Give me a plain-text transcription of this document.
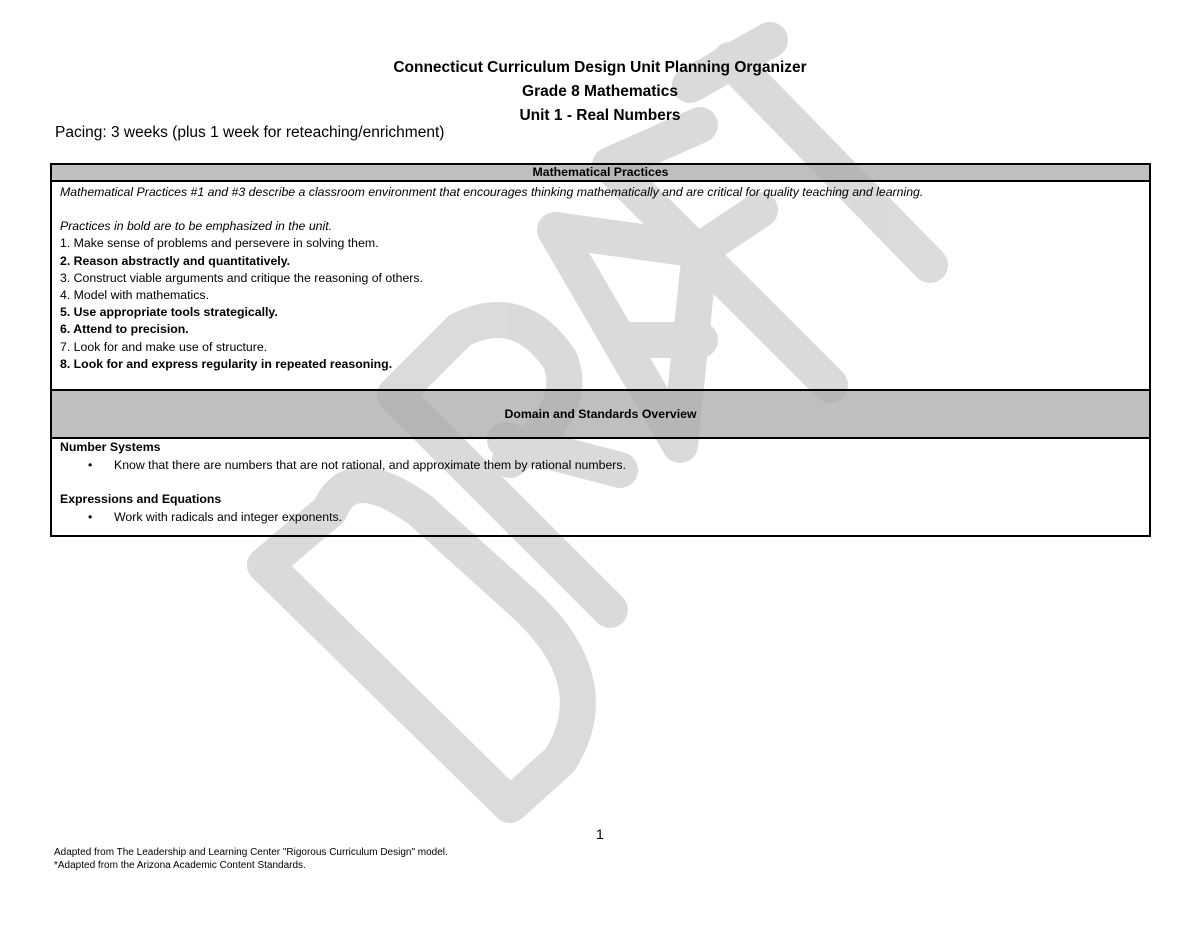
Connecticut Curriculum Design Unit Planning Organizer
Grade 8 Mathematics
Unit 1 - Real Numbers
Pacing: 3 weeks (plus 1 week for reteaching/enrichment)
Mathematical Practices

Mathematical Practices #1 and #3 describe a classroom environment that encourages thinking mathematically and are critical for quality teaching and learning.
Practices in bold are to be emphasized in the unit.
1. Make sense of problems and persevere in solving them.
2. Reason abstractly and quantitatively.
3. Construct viable arguments and critique the reasoning of others.
4. Model with mathematics.
5. Use appropriate tools strategically.
6. Attend to precision.
7. Look for and make use of structure.
8. Look for and express regularity in repeated reasoning.

Domain and Standards Overview

Number Systems
•	Know that there are numbers that are not rational, and approximate them by rational numbers.
Expressions and Equations
•	Work with radicals and integer exponents.
1
Adapted from The Leadership and Learning Center "Rigorous Curriculum Design" model.
*Adapted from the Arizona Academic Content Standards.
